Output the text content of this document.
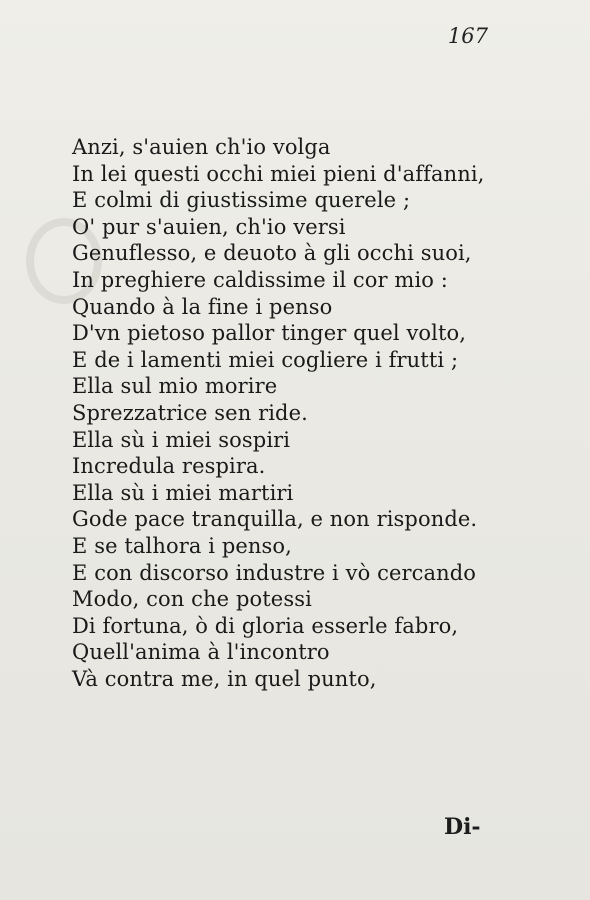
167
Anzi, s'auien ch'io volga
In lei questi occhi miei pieni d'affanni,
E colmi di giustissime querele ;
O' pur s'auien, ch'io versi
Genuflesso, e deuoto à gli occhi suoi,
In preghiere caldissime il cor mio :
Quando à la fine i penso
D'vn pietoso pallor tinger quel volto,
E de i lamenti miei cogliere i frutti ;
Ella sul mio morire
Sprezzatrice sen ride.
Ella sù i miei sospiri
Incredula respira.
Ella sù i miei martiri
Gode pace tranquilla, e non risponde.
E se talhora i penso,
E con discorso industre i vò cercando
Modo, con che potessi
Di fortuna, ò di gloria esserle fabro,
Quell'anima à l'incontro
Và contra me, in quel punto,
Di-
